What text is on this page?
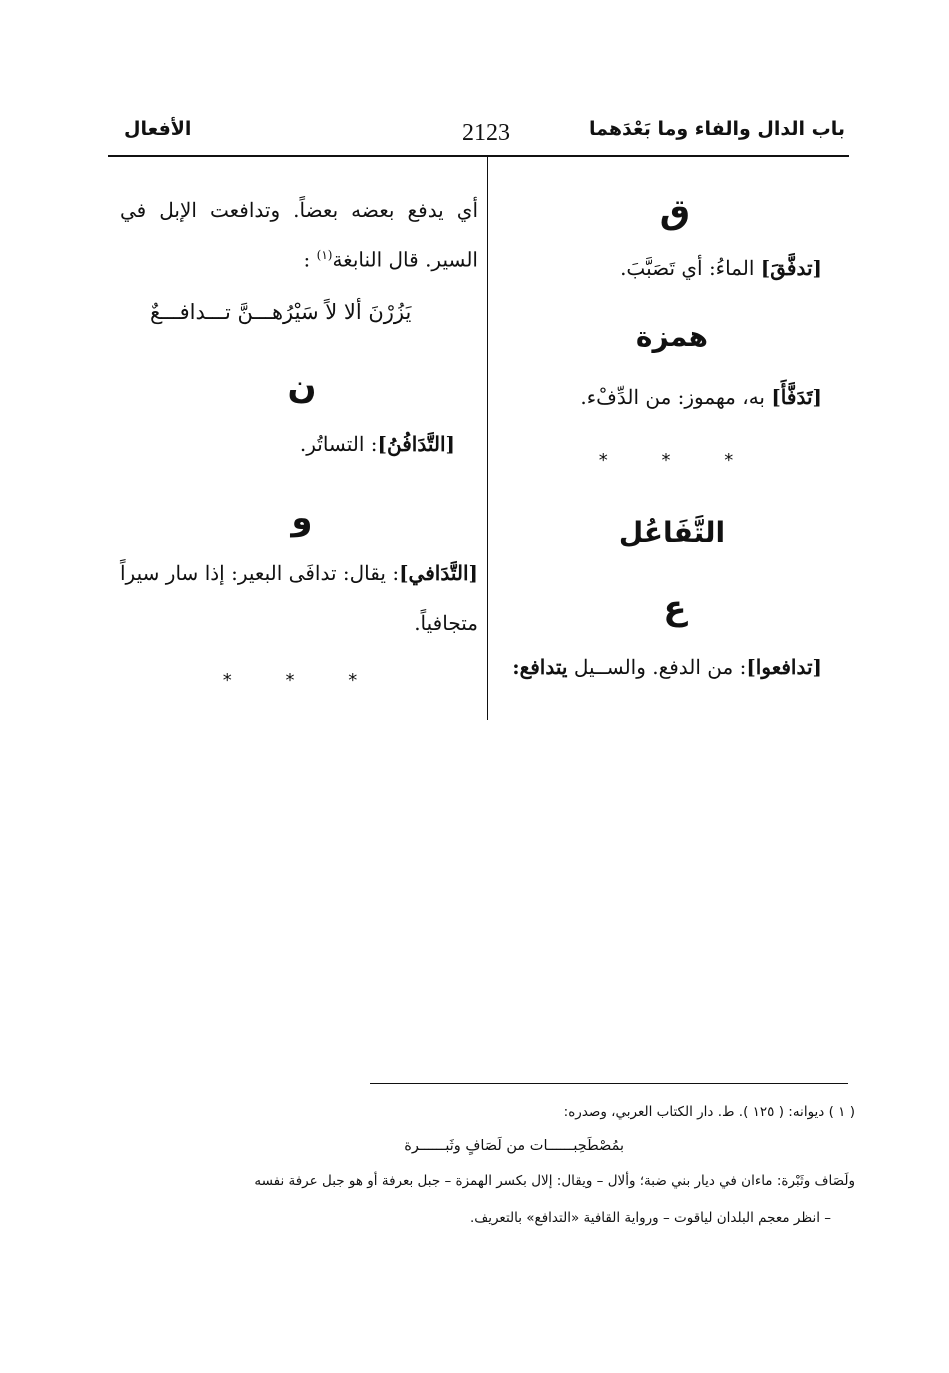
باب الدال والفاء وما بَعْدَهما
2123
الأفعال
ق
[تدفَّقَ] الماءُ: أي تَصَبَّبَ.
همزة
[تَدَفَّأَ] به، مهموز: من الدِّفْء.
* * *
التَّفَاعُل
ع
[تدافعوا]: من الدفع. والســيل يتدافع:
أي يدفع بعضه بعضاً. وتدافعت الإبل في السير. قال النابغة$^{(١)}$ :
يَزُرْنَ ألا لاً سَيْرُهـــنَّ تـــدافـــعٌ
ن
[التَّدَافُنُ]: التساتُر.
و
[التَّدَافي]: يقال: تدافَى البعير: إذا سار سيراً متجافياً.
* * *
( ١ ) ديوانه: ( ١٢٥ ). ط. دار الكتاب العربي، وصدره:
بمُصْطَحِبــــــات من لَصَافٍ وثَبــــــرة
ولَصَاف وثَبْرة: ماءان في ديار بني ضبة؛ وألال – ويقال: إلال بكسر الهمزة – جبل بعرفة أو هو جبل عرفة نفسه
– انظر معجم البلدان لياقوت – ورواية القافية «التدافع» بالتعريف.
